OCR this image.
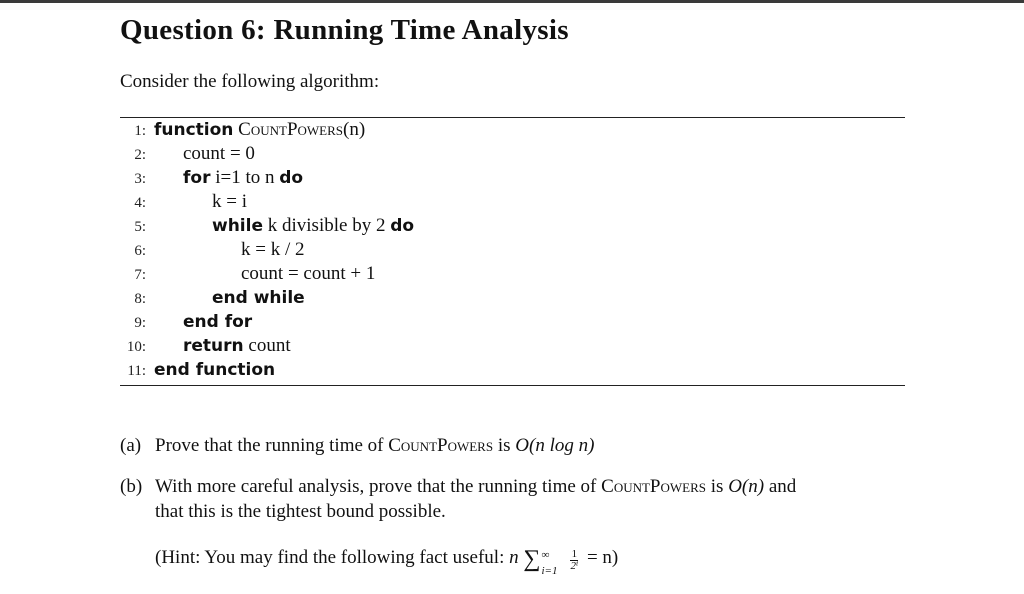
Question 6: Running Time Analysis
Consider the following algorithm:
1: function CountPowers(n)
2: count = 0
3: for i=1 to n do
4:	k = i
5:	while k divisible by 2 do
6:	k = k / 2
7:	count = count + 1
8:	end while
9: end for
10: return count
11: end function
(a) Prove that the running time of CountPowers is O(n log n)
(b) With more careful analysis, prove that the running time of CountPowers is O(n) and
that this is the tightest bound possible.
(Hint: You may find the following fact useful: n ∑ ∞
$i=1 \frac{1}{\text{2ⁱ}} = n$)
